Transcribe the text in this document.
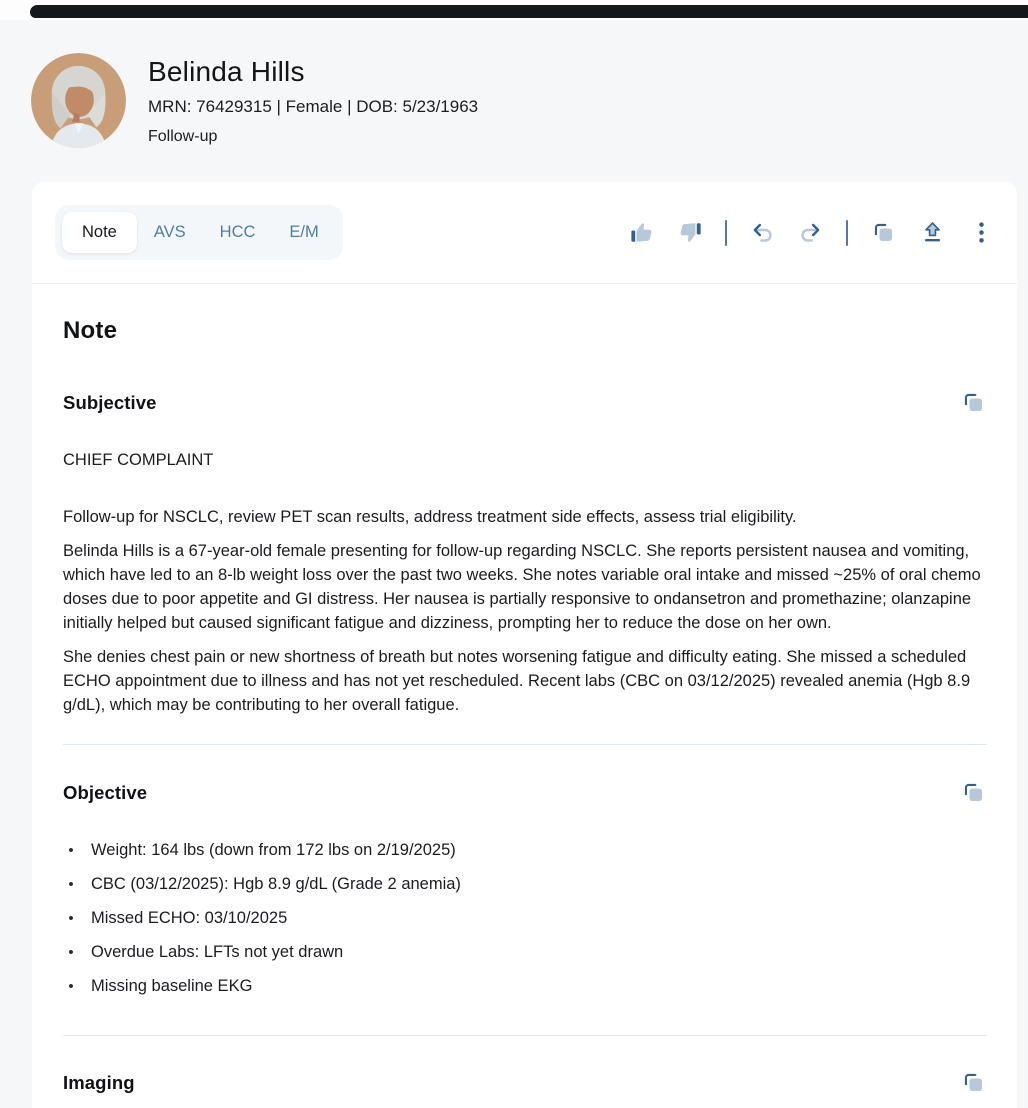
Belinda Hills
MRN: 76429315 | Female | DOB: 5/23/1963
Follow-up
Note	AVS	HCC	E/M
Note
Subjective

CHIEF COMPLAINT

Follow-up for NSCLC, review PET scan results, address treatment side effects, assess trial eligibility.

Belinda Hills is a 67-year-old female presenting for follow-up regarding NSCLC. She reports persistent nausea and vomiting, which have led to an 8-lb weight loss over the past two weeks. She notes variable oral intake and missed ~25% of oral chemo doses due to poor appetite and GI distress. Her nausea is partially responsive to ondansetron and promethazine; olanzapine initially helped but caused significant fatigue and dizziness, prompting her to reduce the dose on her own.

She denies chest pain or new shortness of breath but notes worsening fatigue and difficulty eating. She missed a scheduled ECHO appointment due to illness and has not yet rescheduled. Recent labs (CBC on 03/12/2025) revealed anemia (Hgb 8.9 g/dL), which may be contributing to her overall fatigue.

Objective
•	Weight: 164 lbs (down from 172 lbs on 2/19/2025)
•	CBC (03/12/2025): Hgb 8.9 g/dL (Grade 2 anemia)
•	Missed ECHO: 03/10/2025
•	Overdue Labs: LFTs not yet drawn
•	Missing baseline EKG
Imaging
